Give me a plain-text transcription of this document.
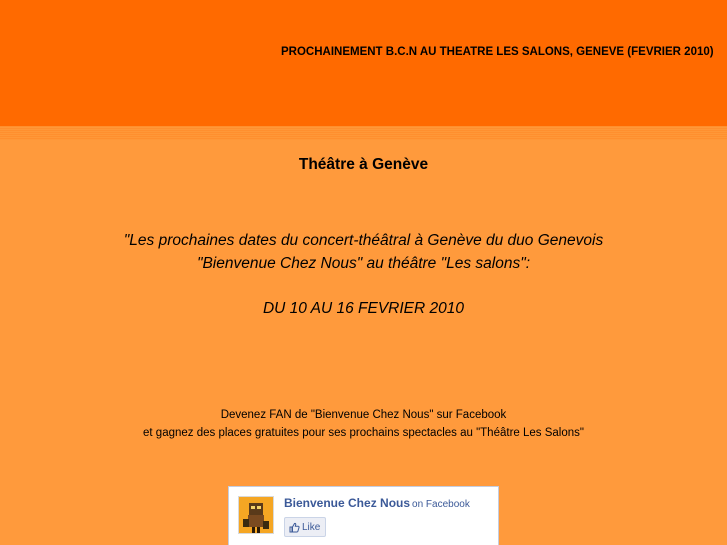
PROCHAINEMENT B.C.N AU THEATRE LES SALONS, GENEVE (FEVRIER 2010)
Théâtre à Genève
"Les prochaines dates du concert-théâtral à Genève du duo Genevois
"Bienvenue Chez Nous" au théâtre "Les salons":
DU 10 AU 16 FEVRIER 2010
Devenez FAN de "Bienvenue Chez Nous" sur Facebook
et gagnez des places gratuites pour ses prochains spectacles au "Théâtre Les Salons"
Bienvenue Chez Nous on Facebook
Like
